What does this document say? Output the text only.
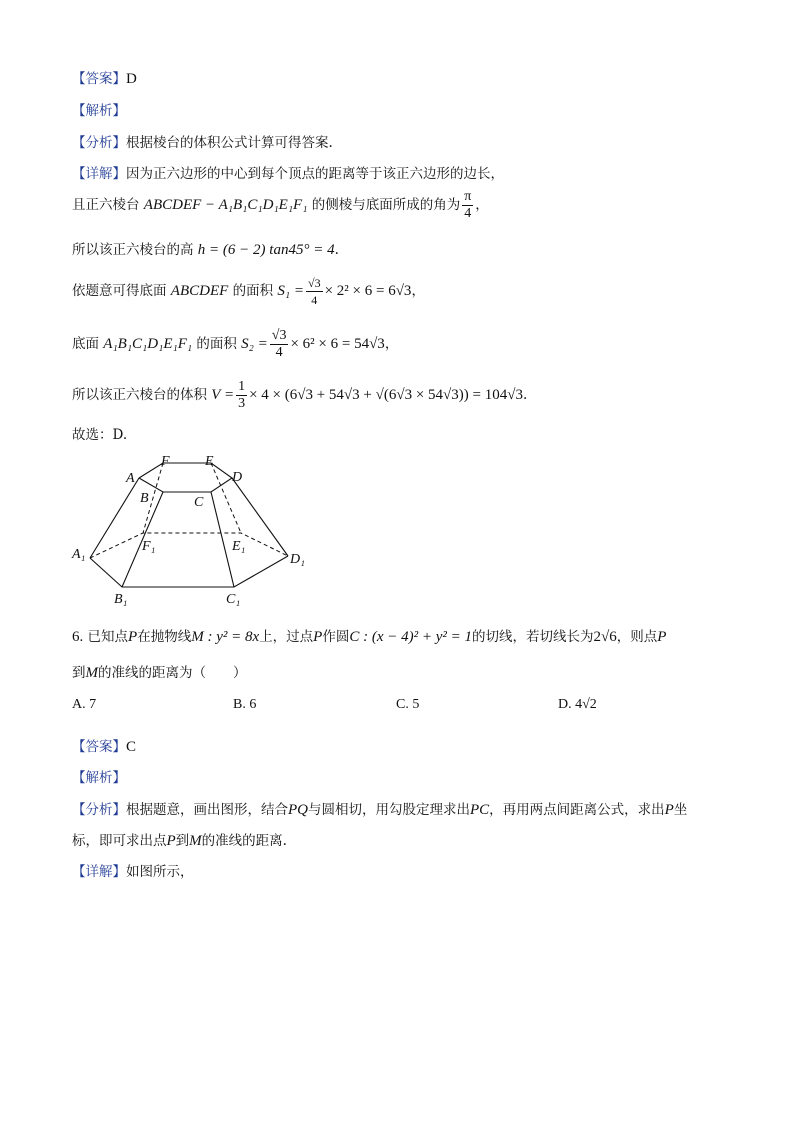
【答案】D
【解析】
【分析】根据棱台的体积公式计算可得答案.
【详解】因为正六边形的中心到每个顶点的距离等于该正六边形的边长，
且正六棱台 ABCDEF − A₁B₁C₁D₁E₁F₁ 的侧棱与底面所成的角为 $\frac{\pi}{4}$ ，
所以该正六棱台的高 h = (6 − 2) tan45° = 4.
依题意可得底面 ABCDEF 的面积 $S_1 = \frac{√3}{4} \times 2^2 \times 6 = 6√3$，
底面 A₁B₁C₁D₁E₁F₁ 的面积 $S_2 = \frac{√3}{4} \times 6^2 \times 6 = 54√3$，
所以该正六棱台的体积 $V = \frac{1}{3} \times 4 \times (6√3 + 54√3 + √(6√3 \times 54√3)) = 104√3$.
故选：D.
A
F	E
D
B	C
A₁
F₁	E₁
D₁
B₁	C₁
6. 已知点P在抛物线M : y² = 8x上，过点P作圆C : (x − 4)² + y² = 1的切线，若切线长为2√6，则点P
到M的准线的距离为（　　）
A. 7	B. 6	C. 5	D. 4√2
【答案】C
【解析】
【分析】根据题意，画出图形，结合PQ与圆相切，用勾股定理求出PC，再用两点间距离公式，求出P坐
标，即可求出点P到M的准线的距离.
【详解】如图所示，
